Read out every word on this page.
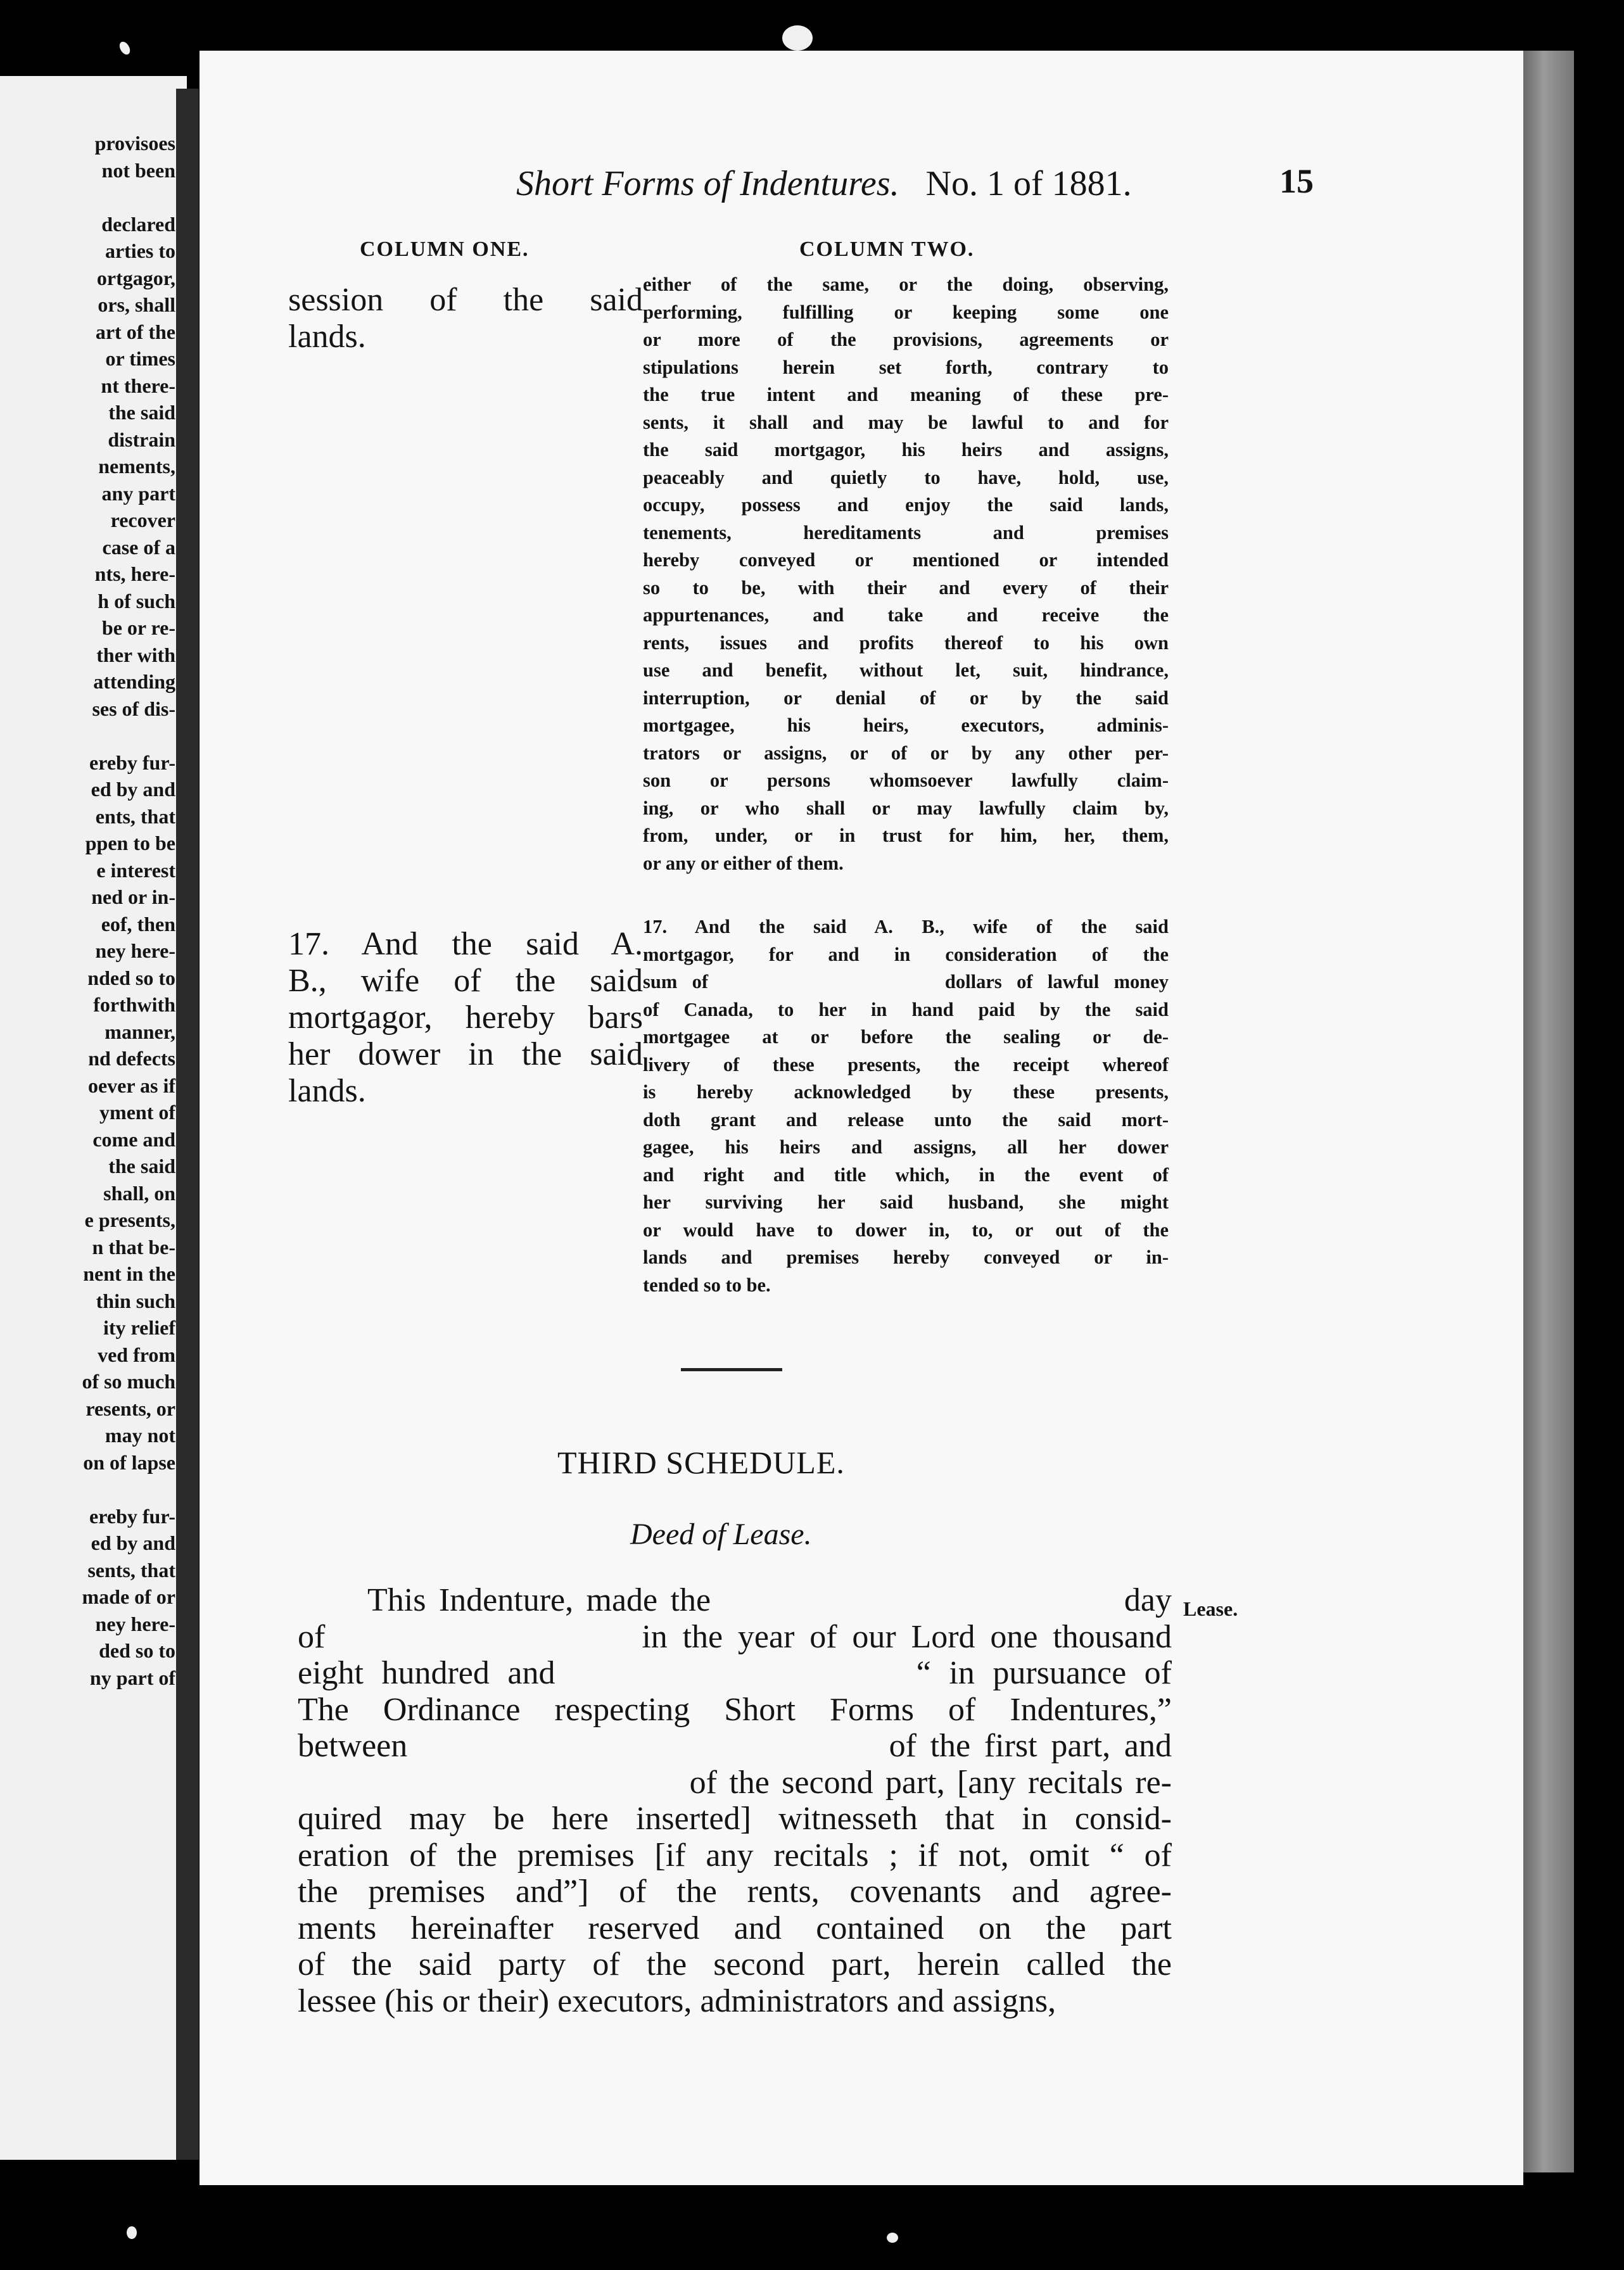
provisoes

not been

declared

arties to

ortgagor,

ors, shall

art of the

or times

nt there-

the said

distrain

nements,

any part

recover

case of a

nts, here-

h of such

be or re-

ther with

attending

ses of dis-

ereby fur-

ed by and

ents, that

ppen to be

e interest

ned or in-

eof, then

ney here-

nded so to

forthwith

manner,

nd defects

oever as if

yment of

come and

the said

shall, on

e presents,

n that be-

nent in the

thin such

ity relief

ved from

of so much

resents, or

may not

on of lapse

ereby fur-

ed by and

sents, that

made of or

ney here-

ded so to

ny part of

Short Forms of Indentures. No. 1 of 1881.	15

COLUMN ONE.	COLUMN TWO.

session of the said
lands.
either of the same, or the doing, observing,
performing, fulfilling or keeping some one
or more of the provisions, agreements or
stipulations herein set forth, contrary to
the true intent and meaning of these pre-
sents, it shall and may be lawful to and for
the said mortgagor, his heirs and assigns,
peaceably and quietly to have, hold, use,
occupy, possess and enjoy the said lands,
tenements, hereditaments and premises
hereby conveyed or mentioned or intended
so to be, with their and every of their
appurtenances, and take and receive the
rents, issues and profits thereof to his own
use and benefit, without let, suit, hindrance,
interruption, or denial of or by the said
mortgagee, his heirs, executors, adminis-
trators or assigns, or of or by any other per-
son or persons whomsoever lawfully claim-
ing, or who shall or may lawfully claim by,
from, under, or in trust for him, her, them,
or any or either of them.
17. And the said A.
B., wife of the said
mortgagor, hereby bars
her dower in the said
lands.
17. And the said A. B., wife of the said
mortgagor, for and in consideration of the
sum of                dollars of lawful money
of Canada, to her in hand paid by the said
mortgagee at or before the sealing or de-
livery of these presents, the receipt whereof
is hereby acknowledged by these presents,
doth grant and release unto the said mort-
gagee, his heirs and assigns, all her dower
and right and title which, in the event of
her surviving her said husband, she might
or would have to dower in, to, or out of the
lands and premises hereby conveyed or in-
tended so to be.

THIRD SCHEDULE.

Deed of Lease.

Lease.

This Indenture, made the                                day
of                     in the year of our Lord one thousand
eight hundred and                    “ in pursuance of
The Ordinance respecting Short Forms of Indentures,”
between                                   of the first part, and
of the second part, [any recitals re-
quired may be here inserted] witnesseth that in consid-
eration of the premises [if any recitals ; if not, omit “ of
the premises and”] of the rents, covenants and agree-
ments hereinafter reserved and contained on the part
of the said party of the second part, herein called the
lessee (his or their) executors, administrators and assigns,
